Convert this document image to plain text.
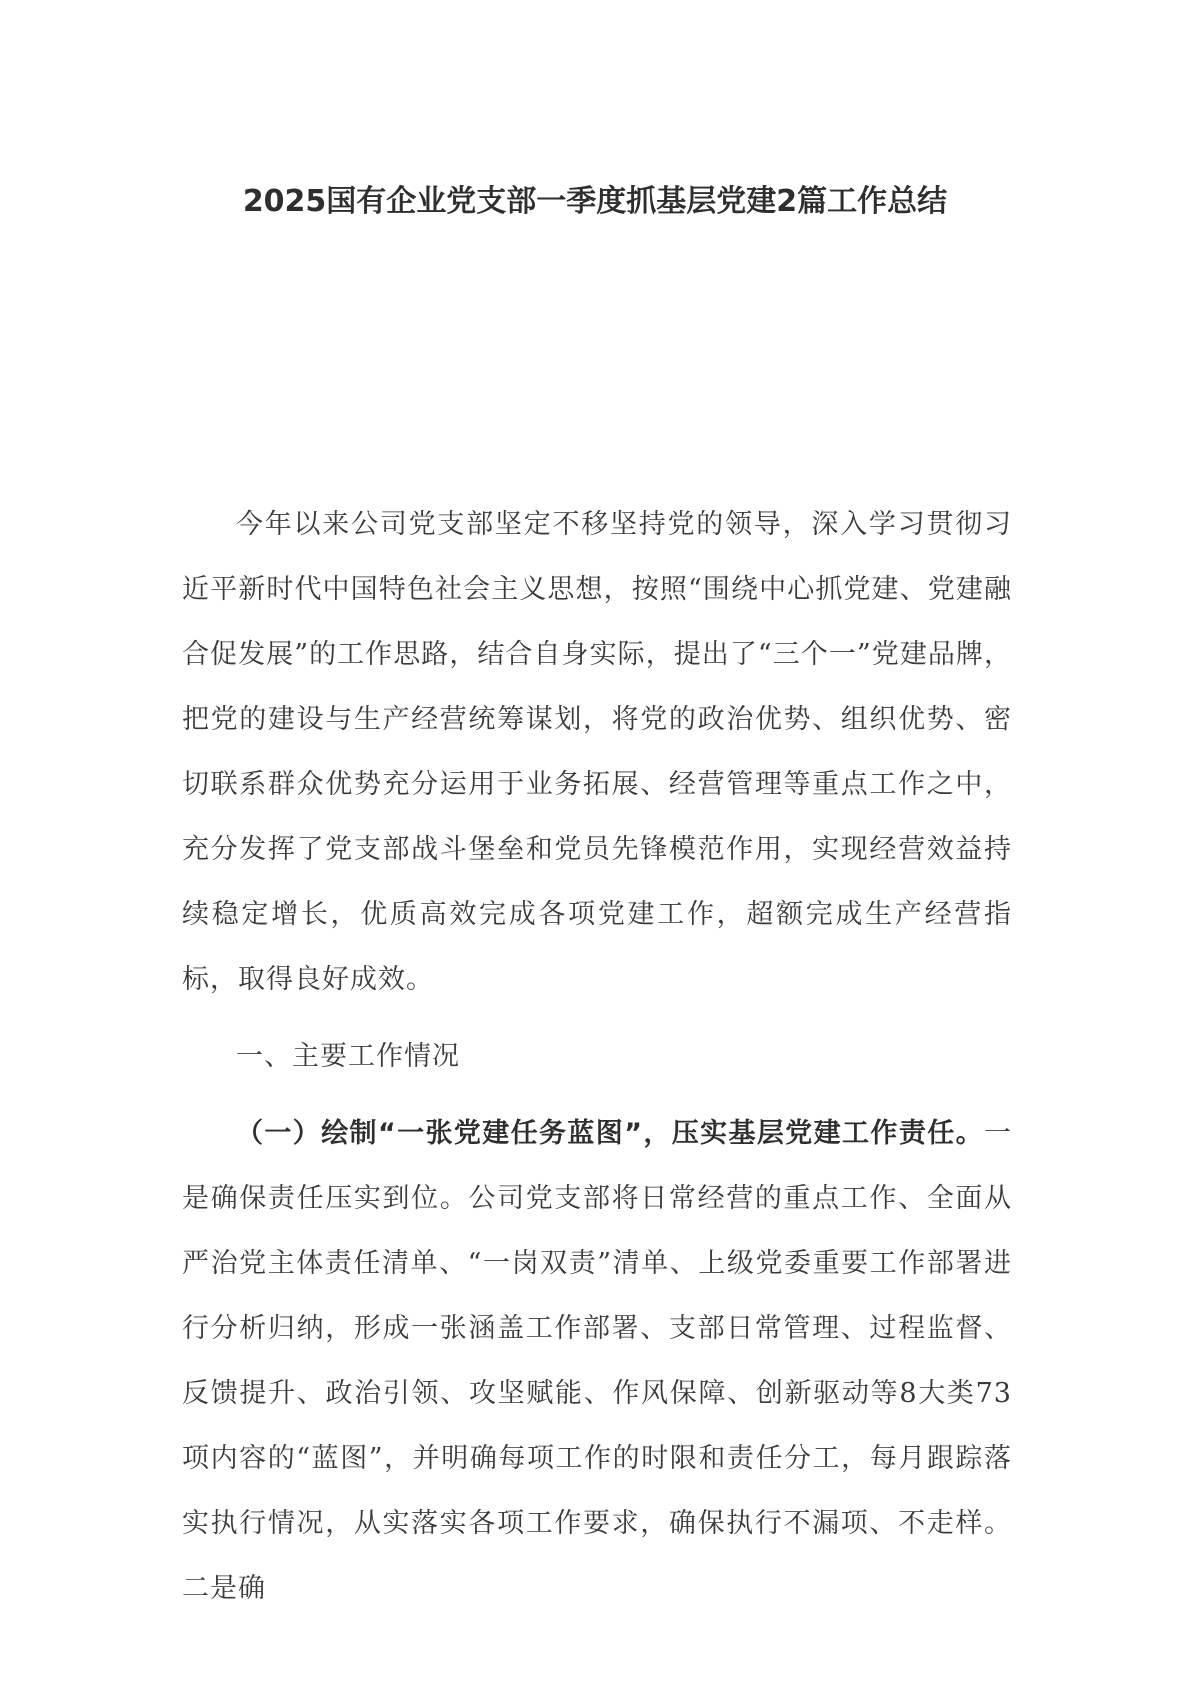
2025国有企业党支部一季度抓基层党建2篇工作总结

今年以来公司党支部坚定不移坚持党的领导，深入学习贯彻习近平新时代中国特色社会主义思想，按照“围绕中心抓党建、党建融合促发展”的工作思路，结合自身实际，提出了“三个一”党建品牌，把党的建设与生产经营统筹谋划，将党的政治优势、组织优势、密切联系群众优势充分运用于业务拓展、经营管理等重点工作之中，充分发挥了党支部战斗堡垒和党员先锋模范作用，实现经营效益持续稳定增长，优质高效完成各项党建工作，超额完成生产经营指标，取得良好成效。

一、主要工作情况

（一）绘制“一张党建任务蓝图”，压实基层党建工作责任。一是确保责任压实到位。公司党支部将日常经营的重点工作、全面从严治党主体责任清单、“一岗双责”清单、上级党委重要工作部署进行分析归纳，形成一张涵盖工作部署、支部日常管理、过程监督、反馈提升、政治引领、攻坚赋能、作风保障、创新驱动等8大类73项内容的“蓝图”，并明确每项工作的时限和责任分工，每月跟踪落实执行情况，从实落实各项工作要求，确保执行不漏项、不走样。二是确
